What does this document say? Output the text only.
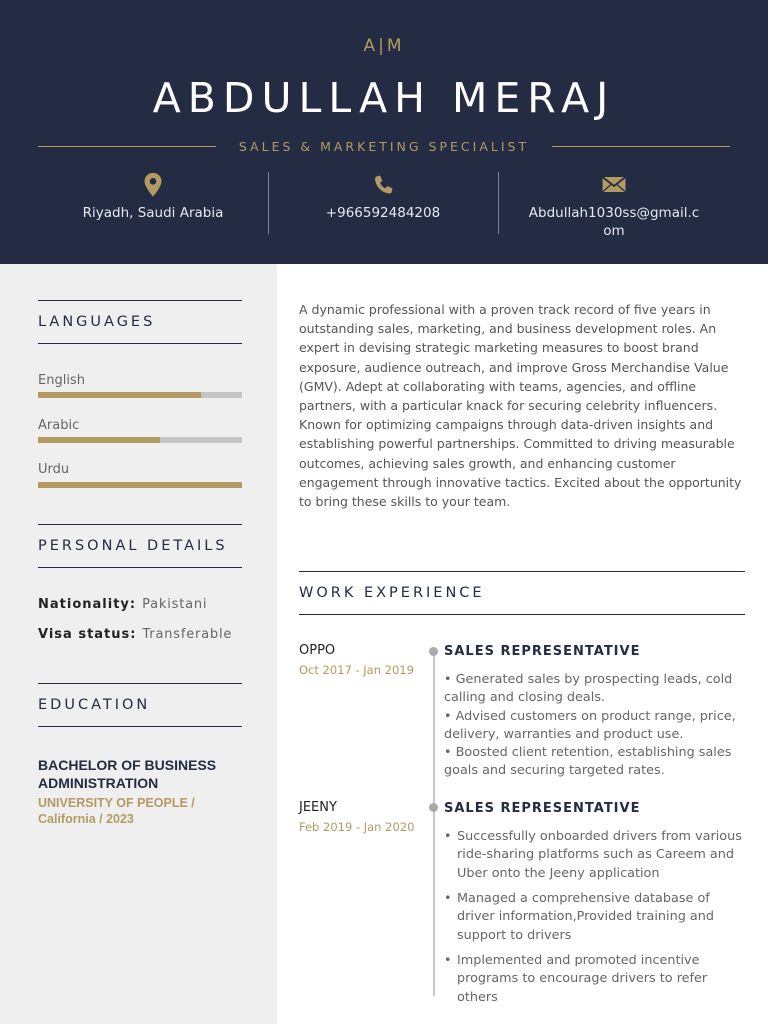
A|M
ABDULLAH MERAJ
SALES & MARKETING SPECIALIST
Riyadh, Saudi Arabia	+966592484208	Abdullah1030ss@gmail.c
om
LANGUAGES
English
Arabic
Urdu
PERSONAL DETAILS
Nationality: Pakistani
Visa status: Transferable
EDUCATION
BACHELOR OF BUSINESS ADMINISTRATION
UNIVERSITY OF PEOPLE / California / 2023
A dynamic professional with a proven track record of five years in outstanding sales, marketing, and business development roles. An expert in devising strategic marketing measures to boost brand exposure, audience outreach, and improve Gross Merchandise Value (GMV). Adept at collaborating with teams, agencies, and offline partners, with a particular knack for securing celebrity influencers. Known for optimizing campaigns through data-driven insights and establishing powerful partnerships. Committed to driving measurable outcomes, achieving sales growth, and enhancing customer engagement through innovative tactics. Excited about the opportunity to bring these skills to your team.
WORK EXPERIENCE
OPPO
Oct 2017 - Jan 2019
SALES REPRESENTATIVE
• Generated sales by prospecting leads, cold calling and closing deals.
• Advised customers on product range, price, delivery, warranties and product use.
• Boosted client retention, establishing sales goals and securing targeted rates.
JEENY
Feb 2019 - Jan 2020
SALES REPRESENTATIVE
• Successfully onboarded drivers from various ride-sharing platforms such as Careem and Uber onto the Jeeny application
• Managed a comprehensive database of driver information,Provided training and support to drivers
• Implemented and promoted incentive programs to encourage drivers to refer others
